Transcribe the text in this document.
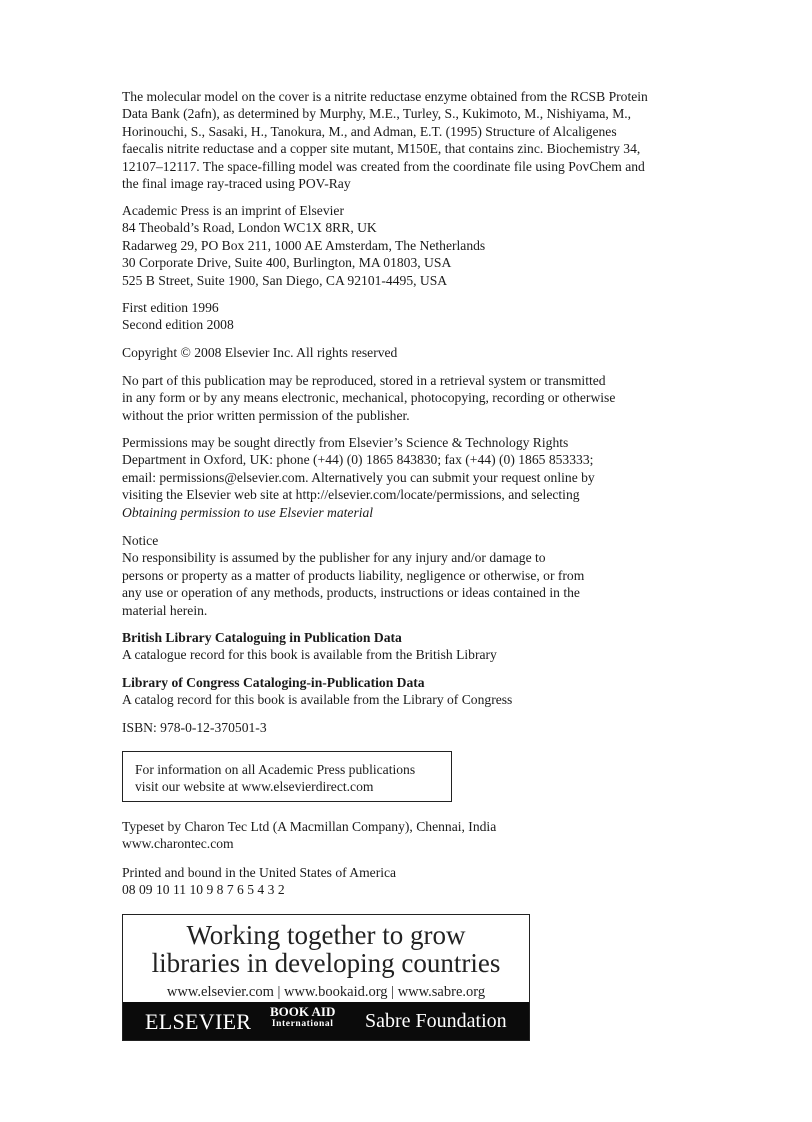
The molecular model on the cover is a nitrite reductase enzyme obtained from the RCSB Protein
Data Bank (2afn), as determined by Murphy, M.E., Turley, S., Kukimoto, M., Nishiyama, M.,
Horinouchi, S., Sasaki, H., Tanokura, M., and Adman, E.T. (1995) Structure of Alcaligenes
faecalis nitrite reductase and a copper site mutant, M150E, that contains zinc. Biochemistry 34,
12107–12117. The space-filling model was created from the coordinate file using PovChem and
the final image ray-traced using POV-Ray
Academic Press is an imprint of Elsevier
84 Theobald’s Road, London WC1X 8RR, UK
Radarweg 29, PO Box 211, 1000 AE Amsterdam, The Netherlands
30 Corporate Drive, Suite 400, Burlington, MA 01803, USA
525 B Street, Suite 1900, San Diego, CA 92101-4495, USA
First edition 1996
Second edition 2008
Copyright © 2008 Elsevier Inc. All rights reserved
No part of this publication may be reproduced, stored in a retrieval system or transmitted
in any form or by any means electronic, mechanical, photocopying, recording or otherwise
without the prior written permission of the publisher.
Permissions may be sought directly from Elsevier’s Science & Technology Rights
Department in Oxford, UK: phone (+44) (0) 1865 843830; fax (+44) (0) 1865 853333;
email: permissions@elsevier.com. Alternatively you can submit your request online by
visiting the Elsevier web site at http://elsevier.com/locate/permissions, and selecting
Obtaining permission to use Elsevier material
Notice
No responsibility is assumed by the publisher for any injury and/or damage to
persons or property as a matter of products liability, negligence or otherwise, or from
any use or operation of any methods, products, instructions or ideas contained in the
material herein.
British Library Cataloguing in Publication Data
A catalogue record for this book is available from the British Library
Library of Congress Cataloging-in-Publication Data
A catalog record for this book is available from the Library of Congress
ISBN: 978-0-12-370501-3
For information on all Academic Press publications
visit our website at www.elsevierdirect.com
Typeset by Charon Tec Ltd (A Macmillan Company), Chennai, India
www.charontec.com
Printed and bound in the United States of America
08 09 10 11 10 9 8 7 6 5 4 3 2
Working together to grow
libraries in developing countries
www.elsevier.com | www.bookaid.org | www.sabre.org
ELSEVIER BOOK AID
International Sabre Foundation
